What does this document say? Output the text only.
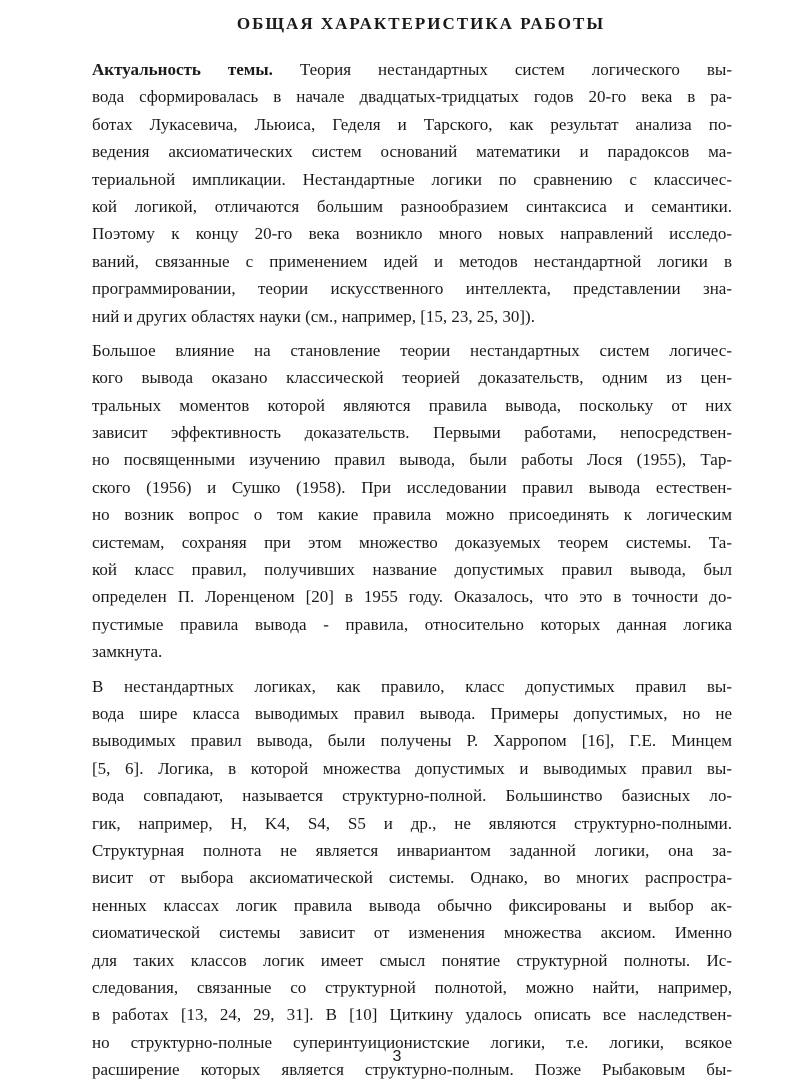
ОБЩАЯ ХАРАКТЕРИСТИКА РАБОТЫ
Актуальность темы. Теория нестандартных систем логического вы-
вода сформировалась в начале двадцатых-тридцатых годов 20-го века в ра-
ботах Лукасевича, Льюиса, Геделя и Тарского, как результат анализа по-
ведения аксиоматических систем оснований математики и парадоксов ма-
териальной импликации. Нестандартные логики по сравнению с классичес-
кой логикой, отличаются большим разнообразием синтаксиса и семантики.
Поэтому к концу 20-го века возникло много новых направлений исследо-
ваний, связанные с применением идей и методов нестандартной логики в
программировании, теории искусственного интеллекта, представлении зна-
ний и других областях науки (см., например, [15, 23, 25, 30]).
Большое влияние на становление теории нестандартных систем логичес-
кого вывода оказано классической теорией доказательств, одним из цен-
тральных моментов которой являются правила вывода, поскольку от них
зависит эффективность доказательств. Первыми работами, непосредствен-
но посвященными изучению правил вывода, были работы Лося (1955), Тар-
ского (1956) и Сушко (1958). При исследовании правил вывода естествен-
но возник вопрос о том какие правила можно присоединять к логическим
системам, сохраняя при этом множество доказуемых теорем системы. Та-
кой класс правил, получивших название допустимых правил вывода, был
определен П. Лоренценом [20] в 1955 году. Оказалось, что это в точности до-
пустимые правила вывода - правила, относительно которых данная логика
замкнута.
В нестандартных логиках, как правило, класс допустимых правил вы-
вода шире класса выводимых правил вывода. Примеры допустимых, но не
выводимых правил вывода, были получены Р. Харропом [16], Г.Е. Минцем
[5, 6]. Логика, в которой множества допустимых и выводимых правил вы-
вода совпадают, называется структурно-полной. Большинство базисных ло-
гик, например, H, K4, S4, S5 и др., не являются структурно-полными.
Структурная полнота не является инвариантом заданной логики, она за-
висит от выбора аксиоматической системы. Однако, во многих распростра-
ненных классах логик правила вывода обычно фиксированы и выбор ак-
сиоматической системы зависит от изменения множества аксиом. Именно
для таких классов логик имеет смысл понятие структурной полноты. Ис-
следования, связанные со структурной полнотой, можно найти, например,
в работах [13, 24, 29, 31]. В [10] Циткину удалось описать все наследствен-
но структурно-полные суперинтуиционистские логики, т.е. логики, всякое
расширение которых является структурно-полным. Позже Рыбаковым бы-
3
